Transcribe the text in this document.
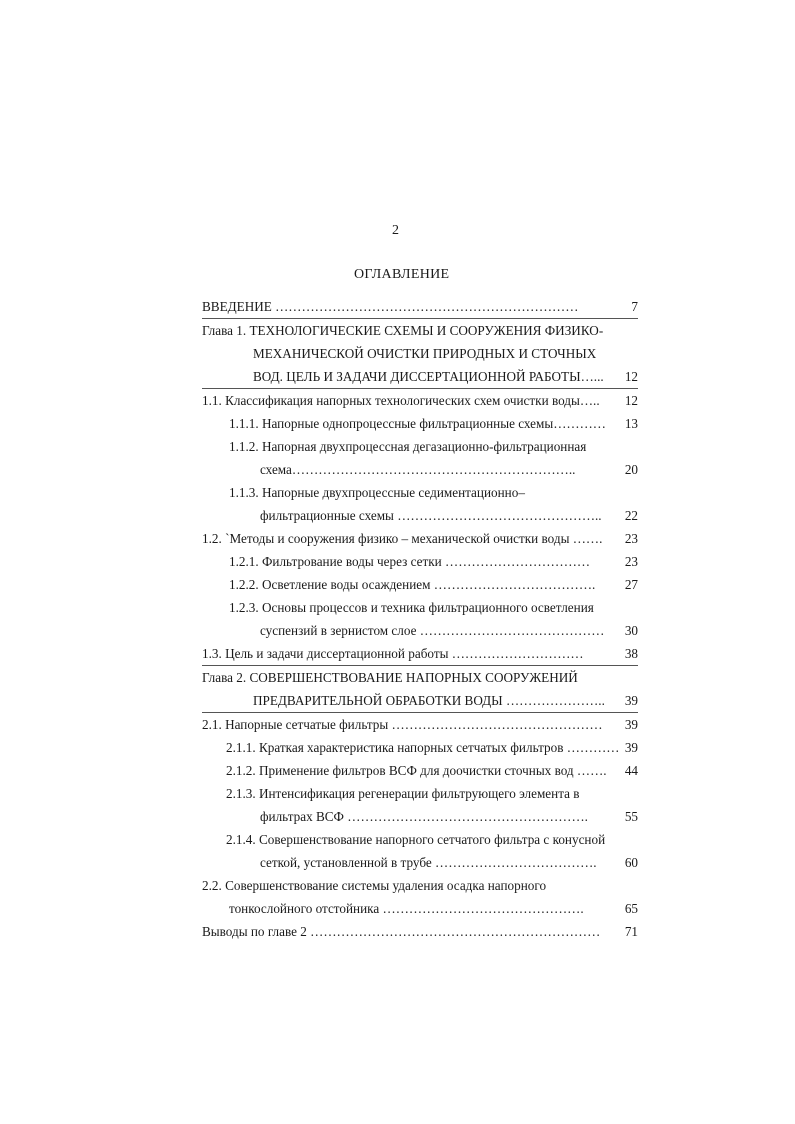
2
ОГЛАВЛЕНИЕ
ВВЕДЕНИЕ ……………………………………………………………	7
Глава 1. ТЕХНОЛОГИЧЕСКИЕ СХЕМЫ И СООРУЖЕНИЯ ФИЗИКО-
МЕХАНИЧЕСКОЙ ОЧИСТКИ ПРИРОДНЫХ И СТОЧНЫХ
ВОД. ЦЕЛЬ И ЗАДАЧИ ДИССЕРТАЦИОННОЙ РАБОТЫ…...	12
1.1. Классификация напорных технологических схем очистки воды…..	12
1.1.1. Напорные однопроцессные фильтрационные схемы…………	13
1.1.2. Напорная двухпроцессная дегазационно-фильтрационная
схема………………………………………………………..	20
1.1.3. Напорные двухпроцессные седиментационно–
фильтрационные схемы ………………………………………..	22
1.2. `Методы и сооружения физико – механической очистки воды …….	23
1.2.1. Фильтрование воды через сетки ……………………………	23
1.2.2. Осветление воды осаждением ……………………………….	27
1.2.3. Основы процессов и техника фильтрационного осветления
суспензий в зернистом слое ……………………………………	30
1.3. Цель и задачи диссертационной работы …………………………	38
Глава 2. СОВЕРШЕНСТВОВАНИЕ НАПОРНЫХ СООРУЖЕНИЙ
ПРЕДВАРИТЕЛЬНОЙ ОБРАБОТКИ ВОДЫ …………………..	39
2.1. Напорные сетчатые фильтры …………………………………………	39
2.1.1. Краткая характеристика напорных сетчатых фильтров ………… 39
2.1.2. Применение фильтров ВСФ для доочистки сточных вод …….	44
2.1.3. Интенсификация регенерации фильтрующего элемента в
фильтрах ВСФ ……………………………………………….	55
2.1.4. Совершенствование напорного сетчатого фильтра с конусной
сеткой, установленной в трубе ……………………………….	60
2.2. Совершенствование системы удаления осадка напорного
тонкослойного отстойника ……………………………………….	65
Выводы по главе 2 …………………………………………………………	71
